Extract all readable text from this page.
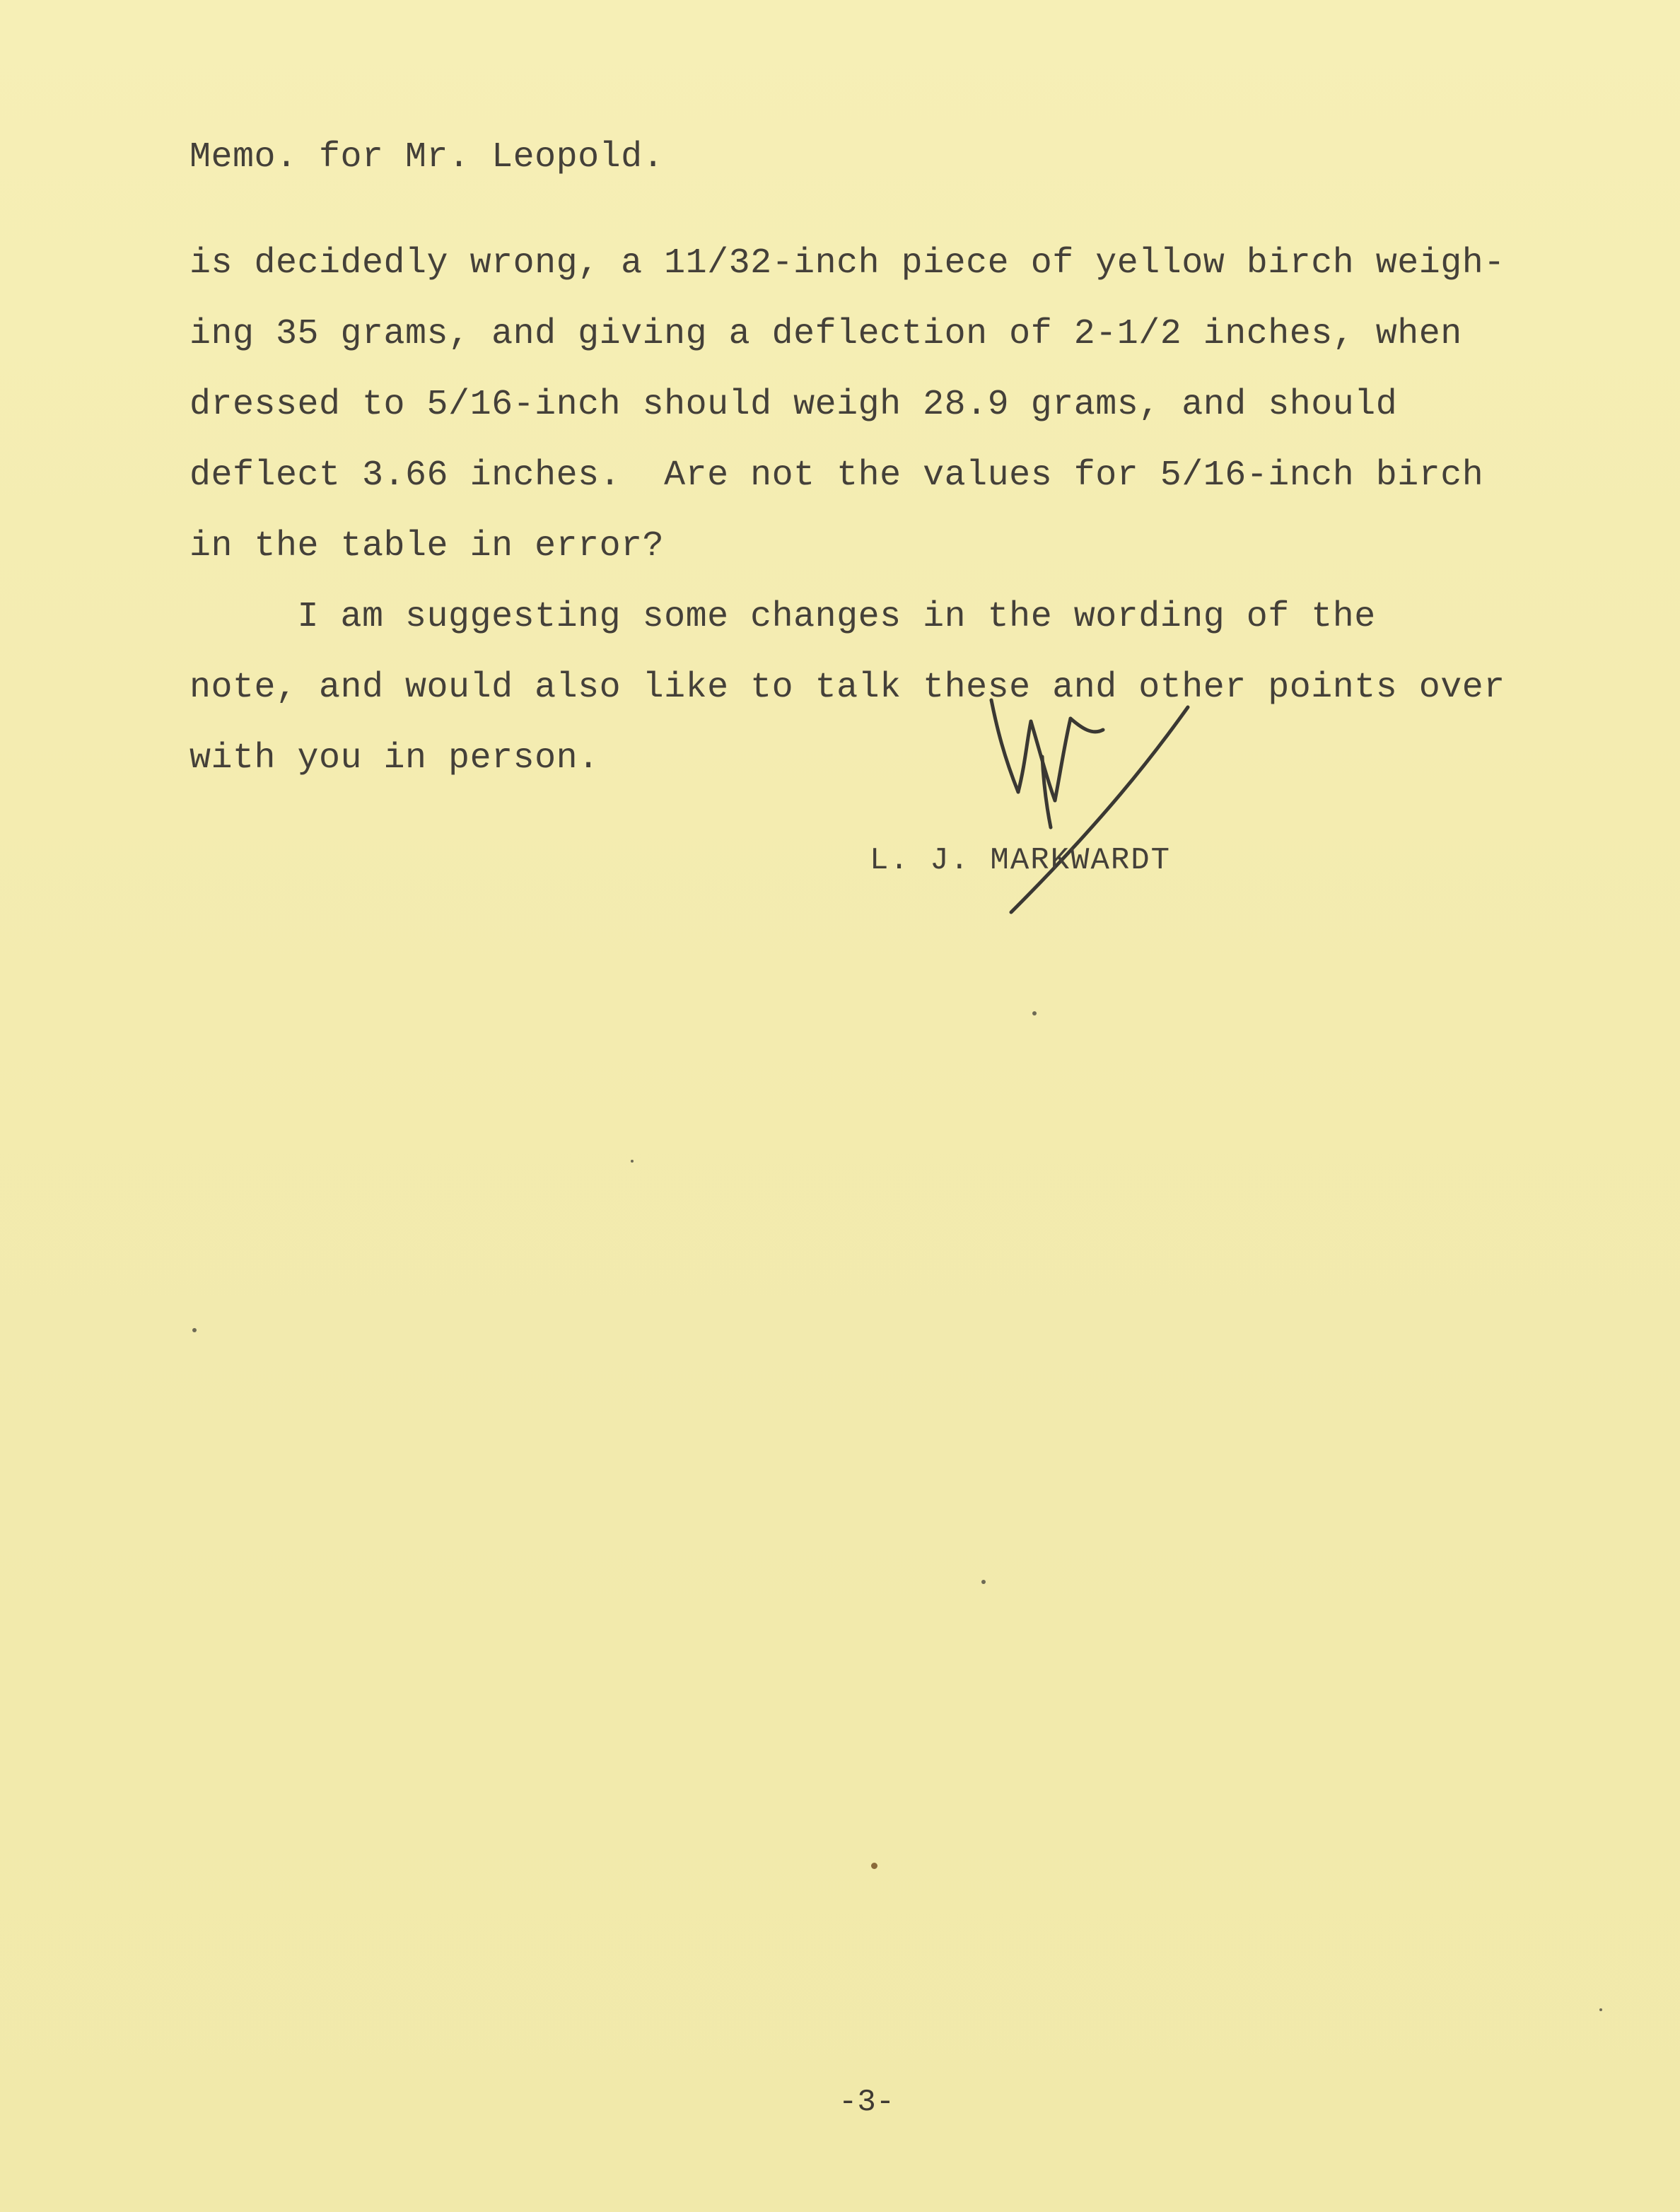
Memo. for Mr. Leopold.

is decidedly wrong, a 11/32-inch piece of yellow birch weigh-

ing 35 grams, and giving a deflection of 2-1/2 inches, when

dressed to 5/16-inch should weigh 28.9 grams, and should

deflect 3.66 inches.  Are not the values for 5/16-inch birch

in the table in error?

I am suggesting some changes in the wording of the

note, and would also like to talk these and other points over

with you in person.

L. J. MARKWARDT

-3-
